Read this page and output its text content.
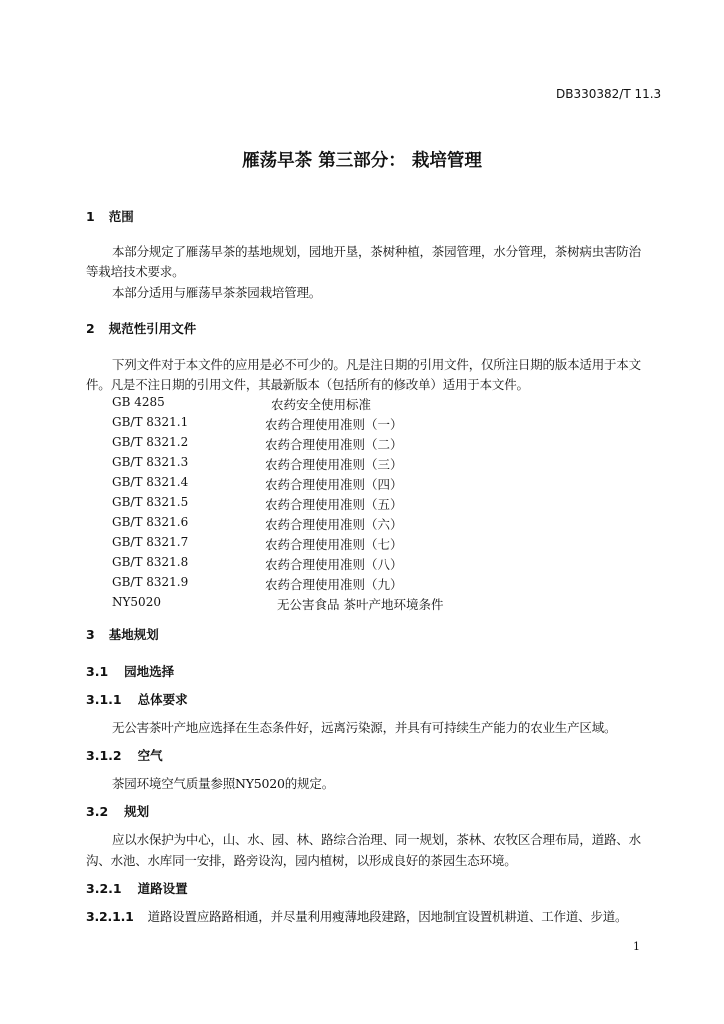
DB330382/T 11.3
雁荡早茶 第三部分： 栽培管理
1 范围
本部分规定了雁荡早茶的基地规划，园地开垦，茶树种植，茶园管理，水分管理，茶树病虫害防治
等栽培技术要求。
本部分适用与雁荡早茶茶园栽培管理。
2 规范性引用文件
下列文件对于本文件的应用是必不可少的。凡是注日期的引用文件，仅所注日期的版本适用于本文
件。凡是不注日期的引用文件，其最新版本（包括所有的修改单）适用于本文件。
GB 4285	农药安全使用标准
GB/T 8321.1	农药合理使用准则（一）
GB/T 8321.2	农药合理使用准则（二）
GB/T 8321.3	农药合理使用准则（三）
GB/T 8321.4	农药合理使用准则（四）
GB/T 8321.5	农药合理使用准则（五）
GB/T 8321.6	农药合理使用准则（六）
GB/T 8321.7	农药合理使用准则（七）
GB/T 8321.8	农药合理使用准则（八）
GB/T 8321.9	农药合理使用准则（九）
NY5020	无公害食品 茶叶产地环境条件
3 基地规划
3.1 园地选择
3.1.1 总体要求
无公害茶叶产地应选择在生态条件好，远离污染源，并具有可持续生产能力的农业生产区域。
3.1.2 空气
茶园环境空气质量参照NY5020的规定。
3.2 规划
应以水保护为中心，山、水、园、林、路综合治理、同一规划，茶林、农牧区合理布局，道路、水
沟、水池、水库同一安排，路旁设沟，园内植树，以形成良好的茶园生态环境。
3.2.1 道路设置
3.2.1.1 道路设置应路路相通，并尽量利用瘦薄地段建路，因地制宜设置机耕道、工作道、步道。
1
